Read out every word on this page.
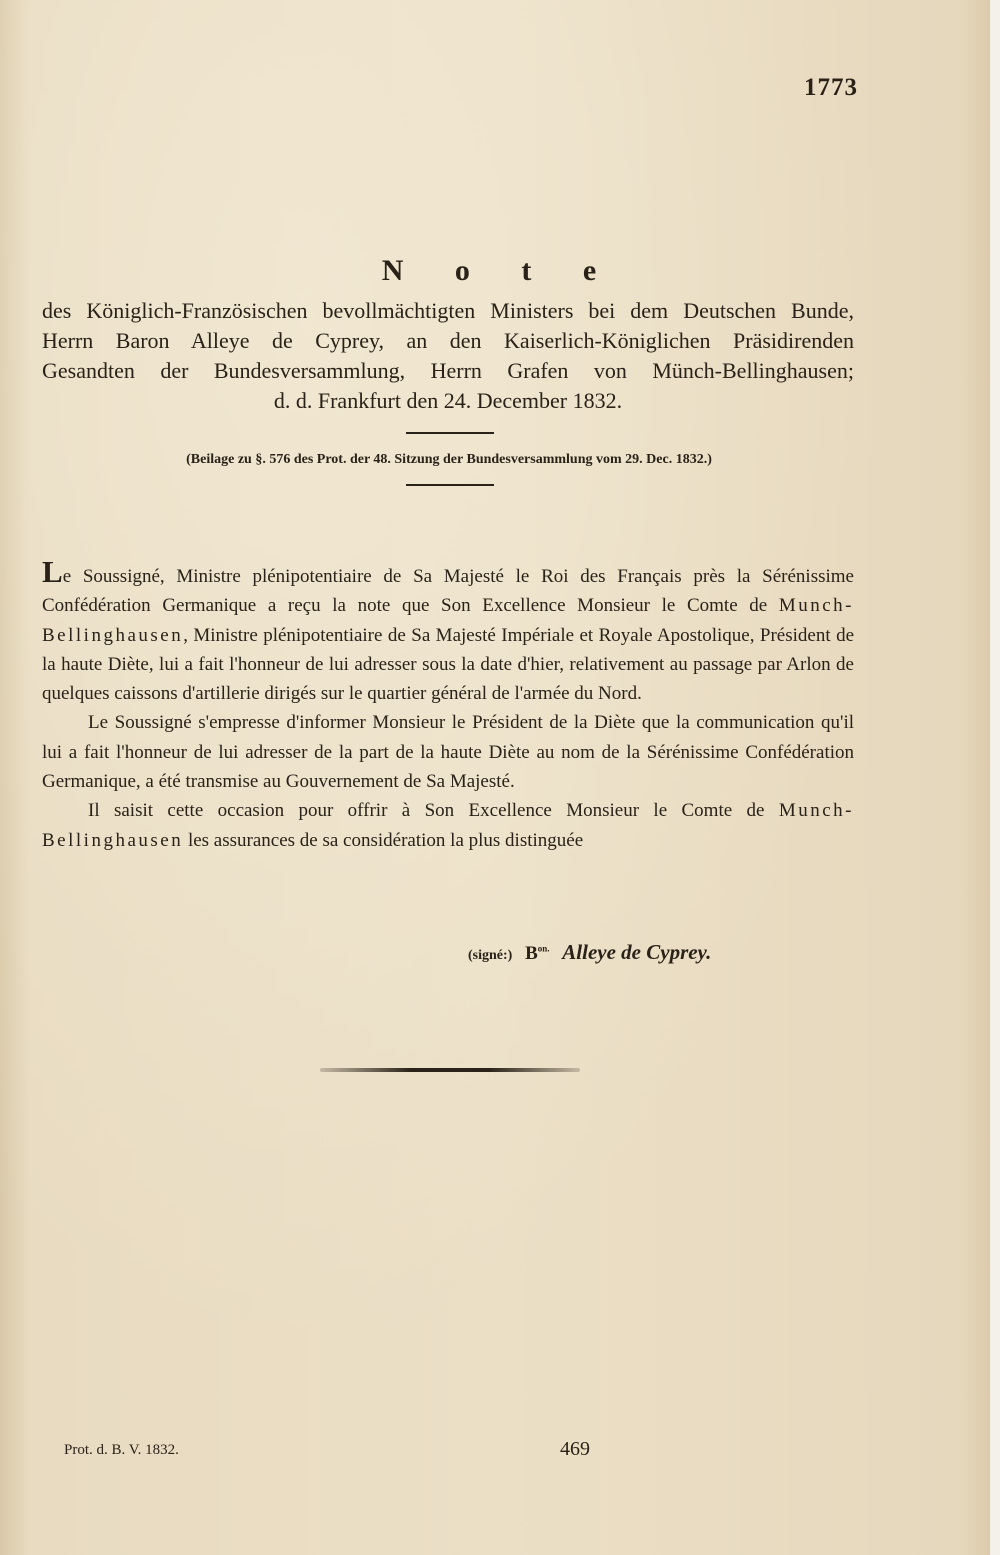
1773
N o t e
des Königlich-Französischen bevollmächtigten Ministers bei dem Deutschen Bunde,
Herrn Baron Alleye de Cyprey, an den Kaiserlich-Königlichen Präsidirenden
Gesandten der Bundesversammlung, Herrn Grafen von Münch-Bellinghausen;
d. d. Frankfurt den 24. December 1832.
(Beilage zu §. 576 des Prot. der 48. Sitzung der Bundesversammlung vom 29. Dec. 1832.)

Le Soussigné, Ministre plénipotentiaire de Sa Majesté le Roi des Français près la Sérénissime Confédération Germanique a reçu la note que Son Excellence Monsieur le Comte de Munch-Bellinghausen, Ministre plénipotentiaire de Sa Majesté Impériale et Royale Apostolique, Président de la haute Diète, lui a fait l'honneur de lui adresser sous la date d'hier, relativement au passage par Arlon de quelques caissons d'artillerie dirigés sur le quartier général de l'armée du Nord.

Le Soussigné s'empresse d'informer Monsieur le Président de la Diète que la communication qu'il lui a fait l'honneur de lui adresser de la part de la haute Diète au nom de la Sérénissime Confédération Germanique, a été transmise au Gouvernement de Sa Majesté.

Il saisit cette occasion pour offrir à Son Excellence Monsieur le Comte de Munch-Bellinghausen les assurances de sa considération la plus distinguée

(signé:) $B^{on.}$ Alleye de Cyprey.
Prot. d. B. V. 1832.	469
